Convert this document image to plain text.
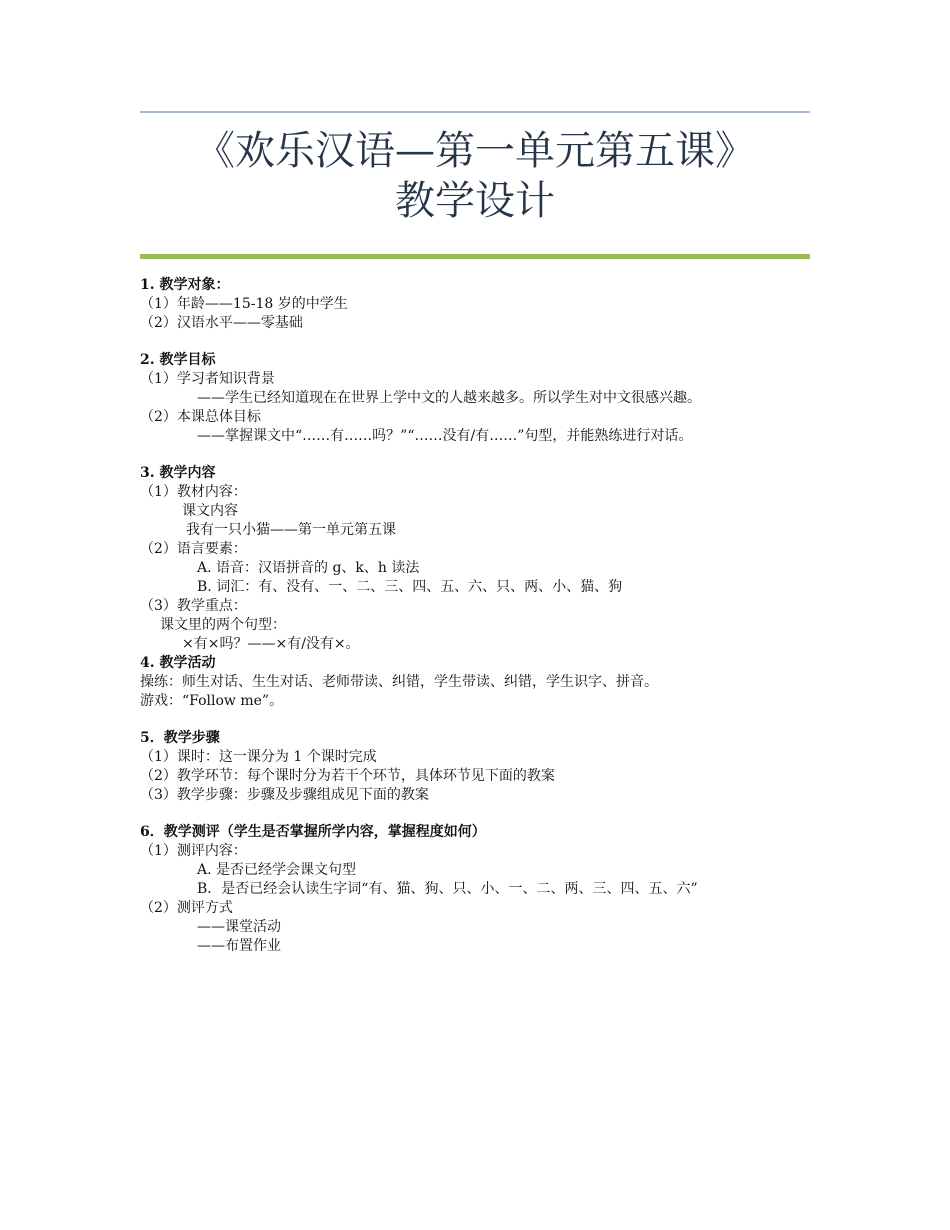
《欢乐汉语—第一单元第五课》
教学设计
1. 教学对象：
（1）年龄——15-18 岁的中学生
（2）汉语水平——零基础
2. 教学目标
（1）学习者知识背景
——学生已经知道现在在世界上学中文的人越来越多。所以学生对中文很感兴趣。
（2）本课总体目标
——掌握课文中“……有……吗？”“……没有/有……”句型，并能熟练进行对话。
3. 教学内容
（1）教材内容：
课文内容
我有一只小猫——第一单元第五课
（2）语言要素：
A. 语音：汉语拼音的 g、k、h 读法
B. 词汇：有、没有、一、二、三、四、五、六、只、两、小、猫、狗
（3）教学重点：
课文里的两个句型：
×有×吗？——×有/没有×。
4. 教学活动
操练：师生对话、生生对话、老师带读、纠错，学生带读、纠错，学生识字、拼音。
游戏：“Follow me”。
5．教学步骤
（1）课时：这一课分为 1 个课时完成
（2）教学环节：每个课时分为若干个环节，具体环节见下面的教案
（3）教学步骤：步骤及步骤组成见下面的教案
6．教学测评（学生是否掌握所学内容，掌握程度如何）
（1）测评内容：
A. 是否已经学会课文句型
B．是否已经会认读生字词“有、猫、狗、只、小、一、二、两、三、四、五、六”
（2）测评方式
——课堂活动
——布置作业
